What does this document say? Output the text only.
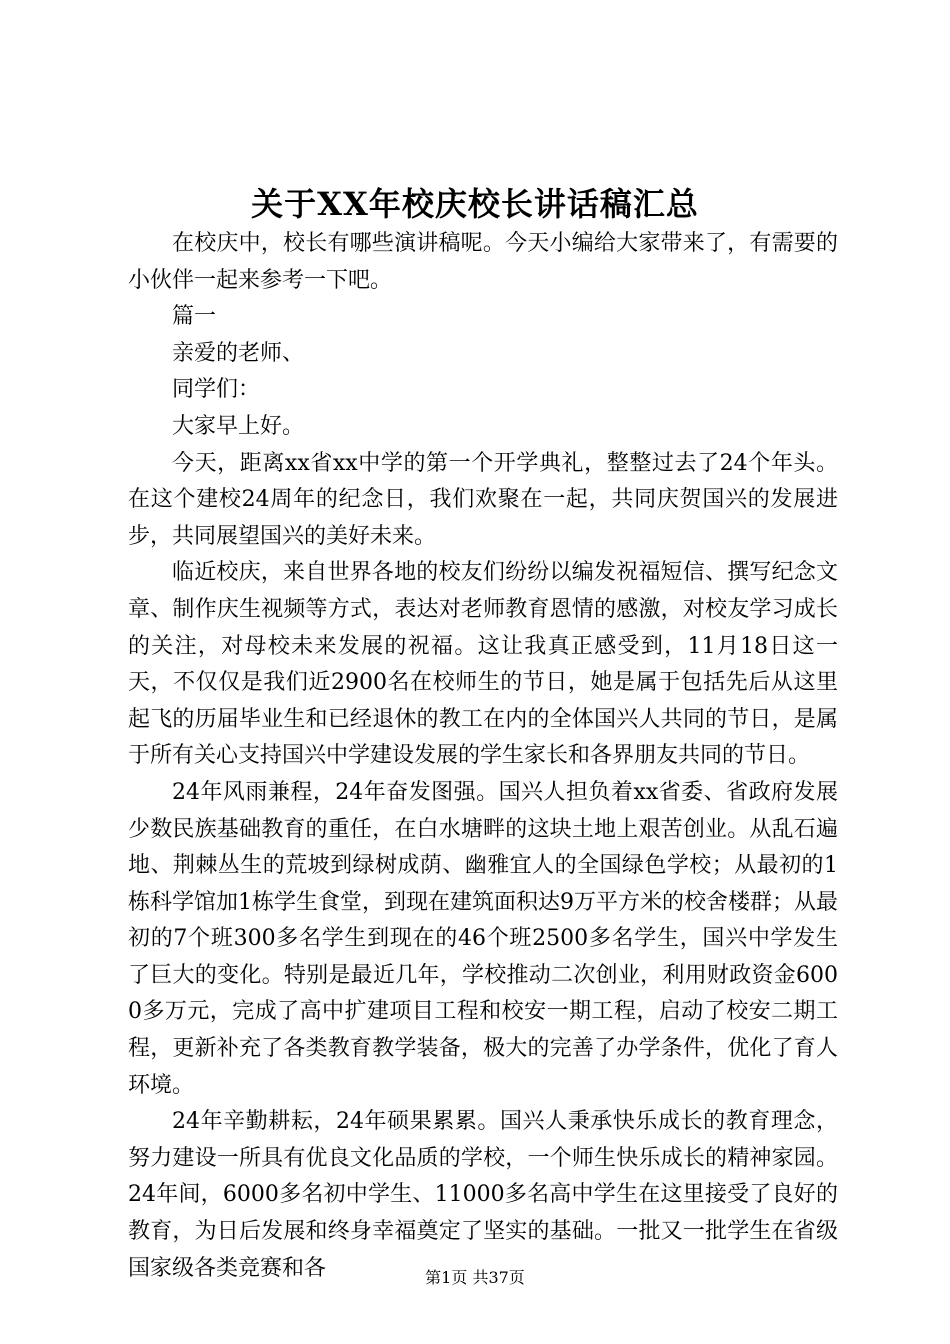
关于XX年校庆校长讲话稿汇总

在校庆中，校长有哪些演讲稿呢。今天小编给大家带来了，有需要的小伙伴一起来参考一下吧。

篇一

亲爱的老师、

同学们：

大家早上好。

今天，距离xx省xx中学的第一个开学典礼，整整过去了24个年头。在这个建校24周年的纪念日，我们欢聚在一起，共同庆贺国兴的发展进步，共同展望国兴的美好未来。

临近校庆，来自世界各地的校友们纷纷以编发祝福短信、撰写纪念文章、制作庆生视频等方式，表达对老师教育恩情的感激，对校友学习成长的关注，对母校未来发展的祝福。这让我真正感受到，11月18日这一天，不仅仅是我们近2900名在校师生的节日，她是属于包括先后从这里起飞的历届毕业生和已经退休的教工在内的全体国兴人共同的节日，是属于所有关心支持国兴中学建设发展的学生家长和各界朋友共同的节日。

24年风雨兼程，24年奋发图强。国兴人担负着xx省委、省政府发展少数民族基础教育的重任，在白水塘畔的这块土地上艰苦创业。从乱石遍地、荆棘丛生的荒坡到绿树成荫、幽雅宜人的全国绿色学校；从最初的1栋科学馆加1栋学生食堂，到现在建筑面积达9万平方米的校舍楼群；从最初的7个班300多名学生到现在的46个班2500多名学生，国兴中学发生了巨大的变化。特别是最近几年，学校推动二次创业，利用财政资金6000多万元，完成了高中扩建项目工程和校安一期工程，启动了校安二期工程，更新补充了各类教育教学装备，极大的完善了办学条件，优化了育人环境。

24年辛勤耕耘，24年硕果累累。国兴人秉承快乐成长的教育理念，努力建设一所具有优良文化品质的学校，一个师生快乐成长的精神家园。24年间，6000多名初中学生、11000多名高中学生在这里接受了良好的教育，为日后发展和终身幸福奠定了坚实的基础。一批又一批学生在省级国家级各类竞赛和各	第1页 共37页
